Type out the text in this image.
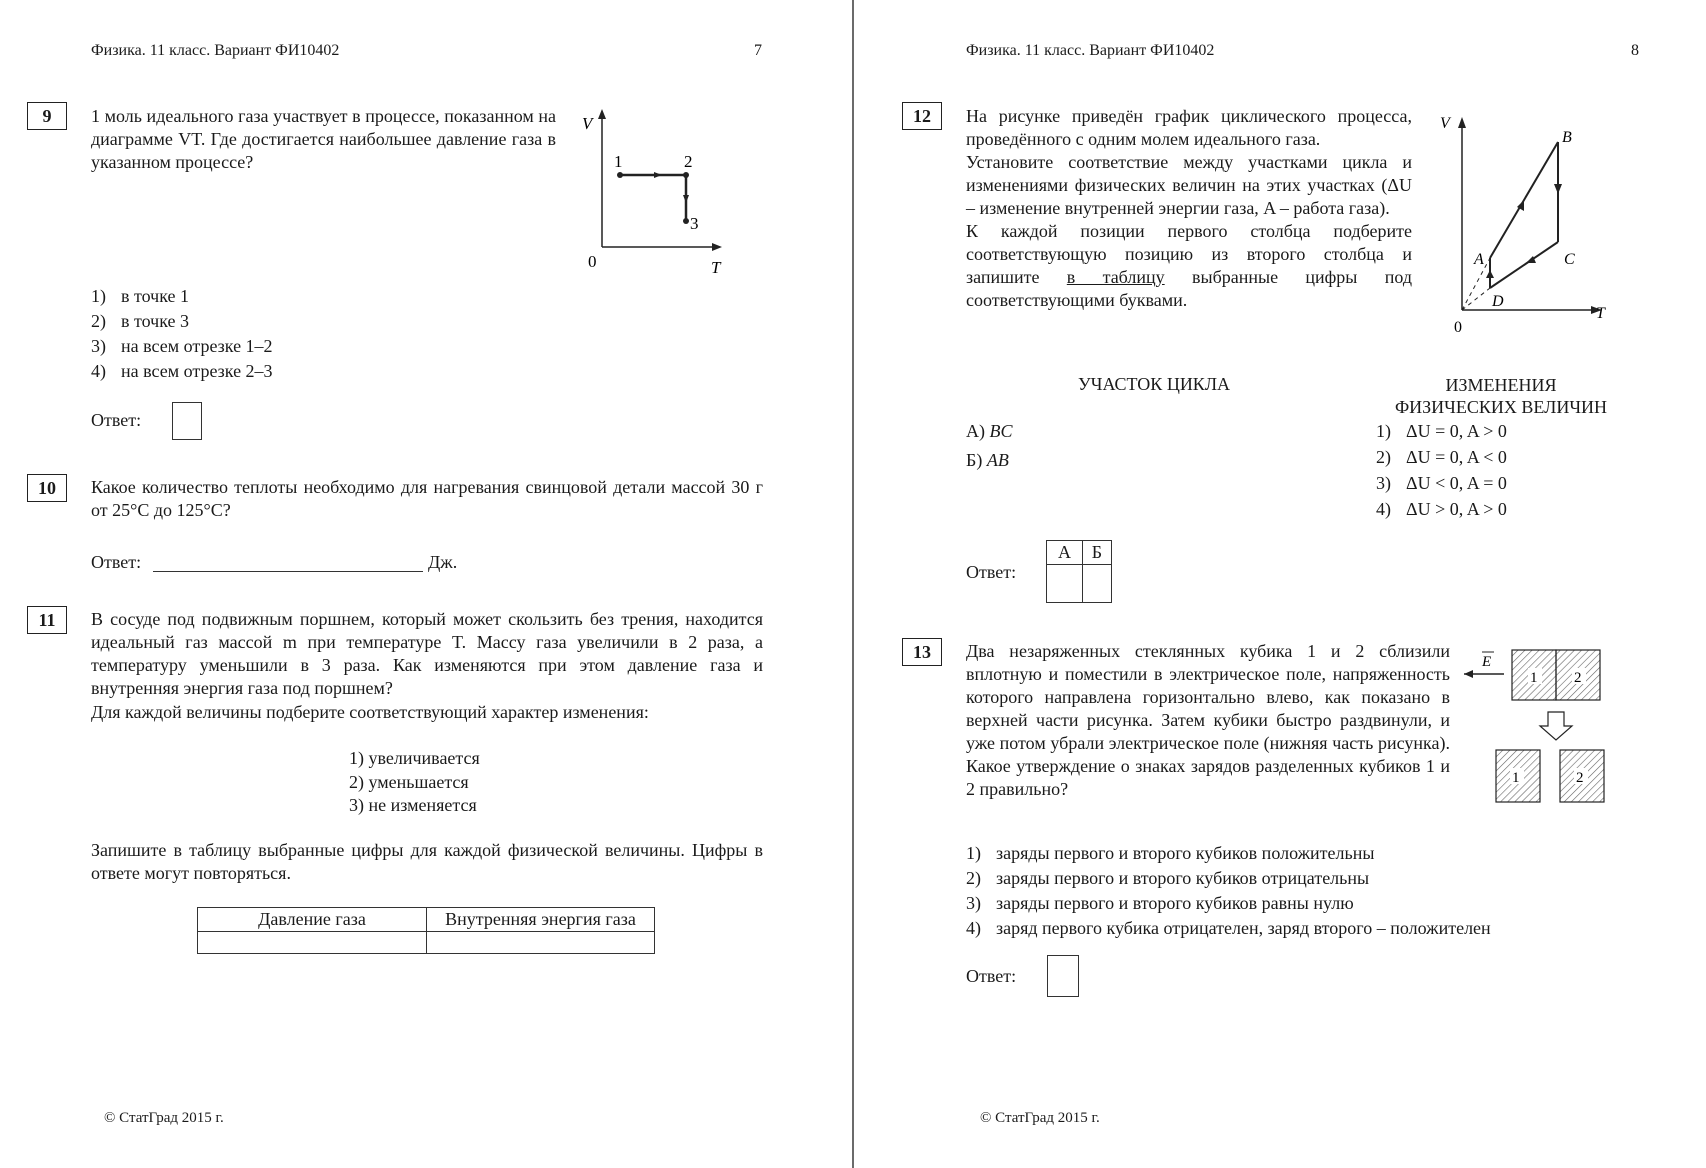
Физика. 11 класс. Вариант ФИ10402	7
9	1 моль идеального газа участвует в процессе, показанном на диаграмме VT. Где достигается наибольшее давление газа в указанном процессе?
V
T
0
1	2
3
1) в точке 1
2) в точке 3
3) на всем отрезке 1–2
4) на всем отрезке 2–3
Ответ:
10	Какое количество теплоты необходимо для нагревания свинцовой детали массой 30 г от 25°С до 125°С?
Ответ:	Дж.
11	В сосуде под подвижным поршнем, который может скользить без трения, находится идеальный газ массой m при температуре T. Массу газа увеличили в 2 раза, а температуру уменьшили в 3 раза. Как изменяются при этом давление газа и внутренняя энергия газа под поршнем?
Для каждой величины подберите соответствующий характер изменения:
1) увеличивается
2) уменьшается
3) не изменяется
Запишите в таблицу выбранные цифры для каждой физической величины. Цифры в ответе могут повторяться.
Давление газа	Внутренняя энергия газа

© СтатГрад 2015 г.
Физика. 11 класс. Вариант ФИ10402	8
12	На рисунке приведён график циклического процесса, проведённого с одним молем идеального газа.
Установите соответствие между участками цикла и изменениями физических величин на этих участках (ΔU – изменение внутренней энергии газа, A – работа газа).
К каждой позиции первого столбца подберите соответствующую позицию из второго столбца и запишите в таблицу выбранные цифры под соответствующими буквами.
V
T
0
B
A	C
D
УЧАСТОК ЦИКЛА	ИЗМЕНЕНИЯ
ФИЗИЧЕСКИХ ВЕЛИЧИН
А) BC
Б) AB
1) ΔU = 0, A > 0
2) ΔU = 0, A < 0
3) ΔU < 0, A = 0
4) ΔU > 0, A > 0
Ответ:
А	Б

13	Два незаряженных стеклянных кубика 1 и 2 сблизили вплотную и поместили в электрическое поле, напряженность которого направлена горизонтально влево, как показано в верхней части рисунка. Затем кубики быстро раздвинули, и уже потом убрали электрическое поле (нижняя часть рисунка). Какое утверждение о знаках зарядов разделенных кубиков 1 и 2 правильно?
E
1 2
1	2
1) заряды первого и второго кубиков положительны
2) заряды первого и второго кубиков отрицательны
3) заряды первого и второго кубиков равны нулю
4) заряд первого кубика отрицателен, заряд второго – положителен
Ответ:
© СтатГрад 2015 г.
